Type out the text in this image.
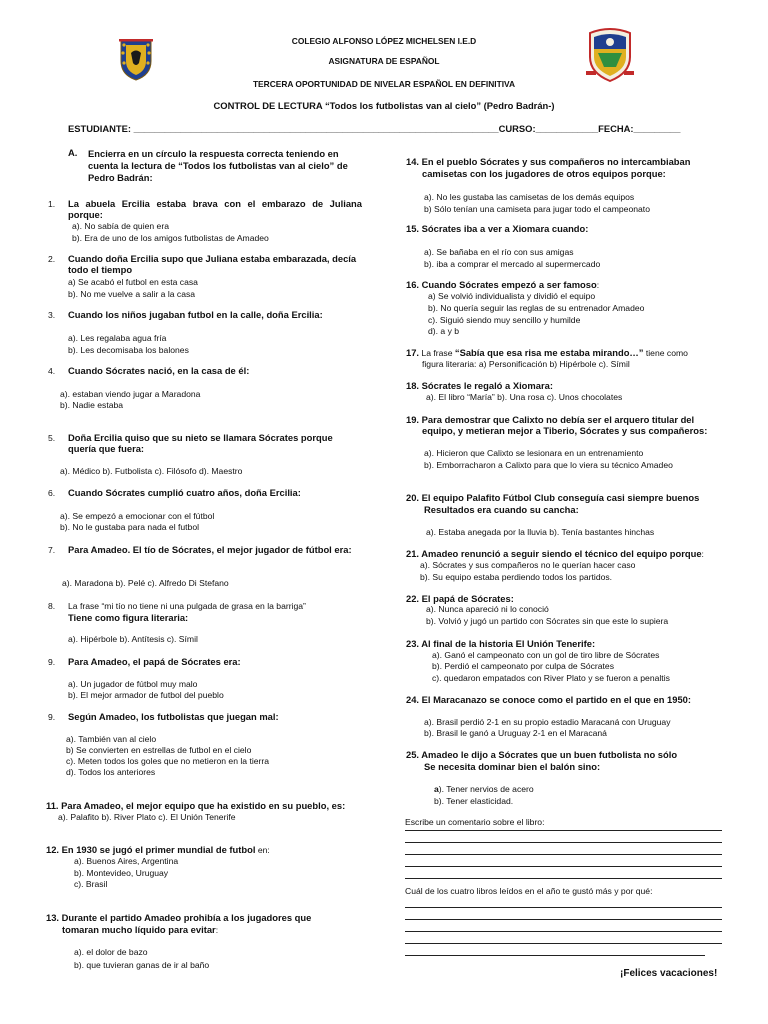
COLEGIO ALFONSO LÓPEZ MICHELSEN I.E.D
ASIGNATURA DE ESPAÑOL
TERCERA OPORTUNIDAD DE NIVELAR ESPAÑOL EN DEFINITIVA
CONTROL DE LECTURA “Todos los futbolistas van al cielo” (Pedro Badrán-)
ESTUDIANTE: ______________________________________________________________________CURSO:____________FECHA:_________
A. Encierra en un círculo la respuesta correcta teniendo en cuenta la lectura de “Todos los futbolistas van al cielo” de Pedro Badrán:
1. La abuela Ercilia estaba brava con el embarazo de Juliana porque:
a). No sabía de quien era
b). Era de uno de los amigos futbolistas de Amadeo
2. Cuando doña Ercilia supo que Juliana estaba embarazada, decía todo el tiempo
a) Se acabó el futbol en esta casa
b). No me vuelve a salir a la casa
3. Cuando los niños jugaban futbol en la calle, doña Ercilia:
a). Les regalaba agua fría
b). Les decomisaba los balones
4. Cuando Sócrates nació, en la casa de él:
a). estaban viendo jugar a Maradona
b). Nadie estaba
5. Doña Ercilia quiso que su nieto se llamara Sócrates porque quería que fuera:
a). Médico b). Futbolista c). Filósofo d). Maestro
6. Cuando Sócrates cumplió cuatro años, doña Ercilia:
a). Se empezó a emocionar con el fútbol
b). No le gustaba para nada el futbol
7. Para Amadeo. El tío de Sócrates, el mejor jugador de fútbol era:
a). Maradona b). Pelé c). Alfredo Di Stefano
8. La frase “mi tío no tiene ni una pulgada de grasa en la barriga”
Tiene como figura literaria:
a). Hipérbole b). Antítesis c). Símil
9. Para Amadeo, el papá de Sócrates era:
a). Un jugador de fútbol muy malo
b). El mejor armador de futbol del pueblo
9. Según Amadeo, los futbolistas que juegan mal:
a). También van al cielo
b) Se convierten en estrellas de futbol en el cielo
c). Meten todos los goles que no metieron en la tierra
d). Todos los anteriores
11. Para Amadeo, el mejor equipo que ha existido en su pueblo, es:
a). Palafito b). River Plato c). El Unión Tenerife
12. En 1930 se jugó el primer mundial de futbol en:
a). Buenos Aires, Argentina
b). Montevideo, Uruguay
c). Brasil
13. Durante el partido Amadeo prohibía a los jugadores que
tomaran mucho líquido para evitar:
a). el dolor de bazo
b). que tuvieran ganas de ir al baño
14. En el pueblo Sócrates y sus compañeros no intercambiaban
camisetas con los jugadores de otros equipos porque:
a). No les gustaba las camisetas de los demás equipos
b) Sólo tenían una camiseta para jugar todo el campeonato
15. Sócrates iba a ver a Xiomara cuando:
a). Se bañaba en el río con sus amigas
b). iba a comprar el mercado al supermercado
16. Cuando Sócrates empezó a ser famoso:
a) Se volvió individualista y dividió el equipo
b). No quería seguir las reglas de su entrenador Amadeo
c). Siguió siendo muy sencillo y humilde
d). a y b
17. La frase “Sabía que esa risa me estaba mirando…” tiene como
figura literaria: a) Personificación b) Hipérbole c). Símil
18. Sócrates le regaló a Xiomara:
a). El libro “María” b). Una rosa c). Unos chocolates
19. Para demostrar que Calixto no debía ser el arquero titular del
equipo, y metieran mejor a Tiberio, Sócrates y sus compañeros:
a). Hicieron que Calixto se lesionara en un entrenamiento
b). Emborracharon a Calixto para que lo viera su técnico Amadeo
20. El equipo Palafito Fútbol Club conseguía casi siempre buenos
Resultados era cuando su cancha:
a). Estaba anegada por la lluvia b). Tenía bastantes hinchas
21. Amadeo renunció a seguir siendo el técnico del equipo porque:
a). Sócrates y sus compañeros no le querían hacer caso
b). Su equipo estaba perdiendo todos los partidos.
22. El papá de Sócrates:
a). Nunca apareció ni lo conoció
b). Volvió y jugó un partido con Sócrates sin que este lo supiera
23. Al final de la historia El Unión Tenerife:
a). Ganó el campeonato con un gol de tiro libre de Sócrates
b). Perdió el campeonato por culpa de Sócrates
c). quedaron empatados con River Plato y se fueron a penaltis
24. El Maracanazo se conoce como el partido en el que en 1950:
a). Brasil perdió 2-1 en su propio estadio Maracaná con Uruguay
b). Brasil le ganó a Uruguay 2-1 en el Maracaná
25. Amadeo le dijo a Sócrates que un buen futbolista no sólo
Se necesita dominar bien el balón sino:
a). Tener nervios de acero
b). Tener elasticidad.
Escribe un comentario sobre el libro:
Cuál de los cuatro libros leídos en el año te gustó más y por qué:
¡Felices vacaciones!
